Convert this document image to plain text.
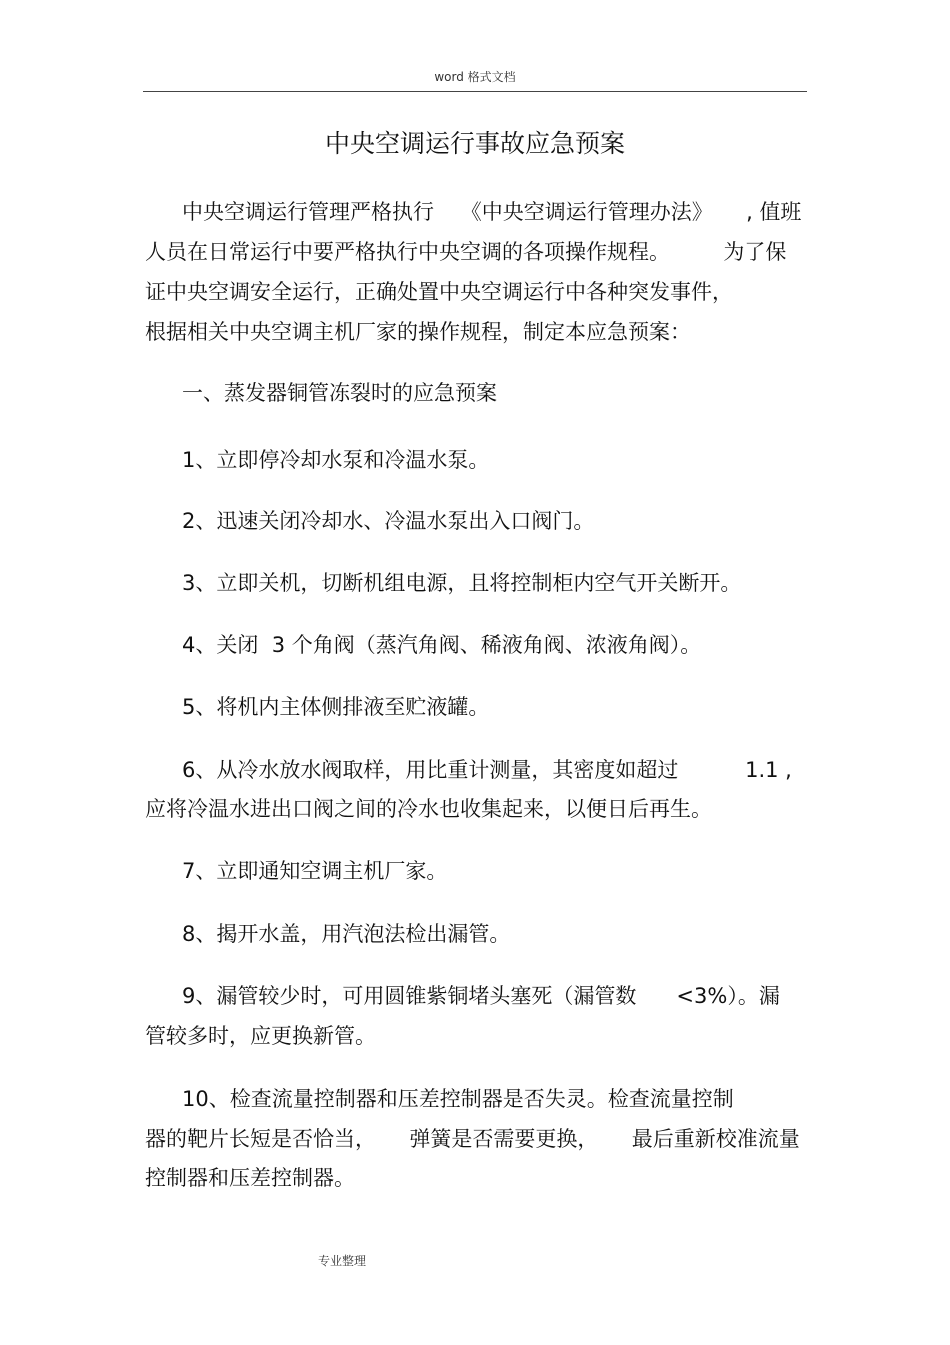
word 格式文档
中央空调运行事故应急预案
中央空调运行管理严格执行    《中央空调运行管理办法》     , 值班
人员在日常运行中要严格执行中央空调的各项操作规程。        为了保
证中央空调安全运行，正确处置中央空调运行中各种突发事件，
根据相关中央空调主机厂家的操作规程，制定本应急预案：
一、蒸发器铜管冻裂时的应急预案
1、立即停冷却水泵和冷温水泵。
2、迅速关闭冷却水、冷温水泵出入口阀门。
3、立即关机，切断机组电源，且将控制柜内空气开关断开。
4、关闭  3 个角阀（蒸汽角阀、稀液角阀、浓液角阀）。
5、将机内主体侧排液至贮液罐。
6、从冷水放水阀取样，用比重计测量，其密度如超过          1.1 ,
应将冷温水进出口阀之间的冷水也收集起来，以便日后再生。
7、立即通知空调主机厂家。
8、揭开水盖，用汽泡法检出漏管。
9、漏管较少时，可用圆锥紫铜堵头塞死（漏管数      <3%）。漏
管较多时，应更换新管。
10、检查流量控制器和压差控制器是否失灵。检查流量控制
器的靶片长短是否恰当，     弹簧是否需要更换，     最后重新校准流量
控制器和压差控制器。
专业整理
